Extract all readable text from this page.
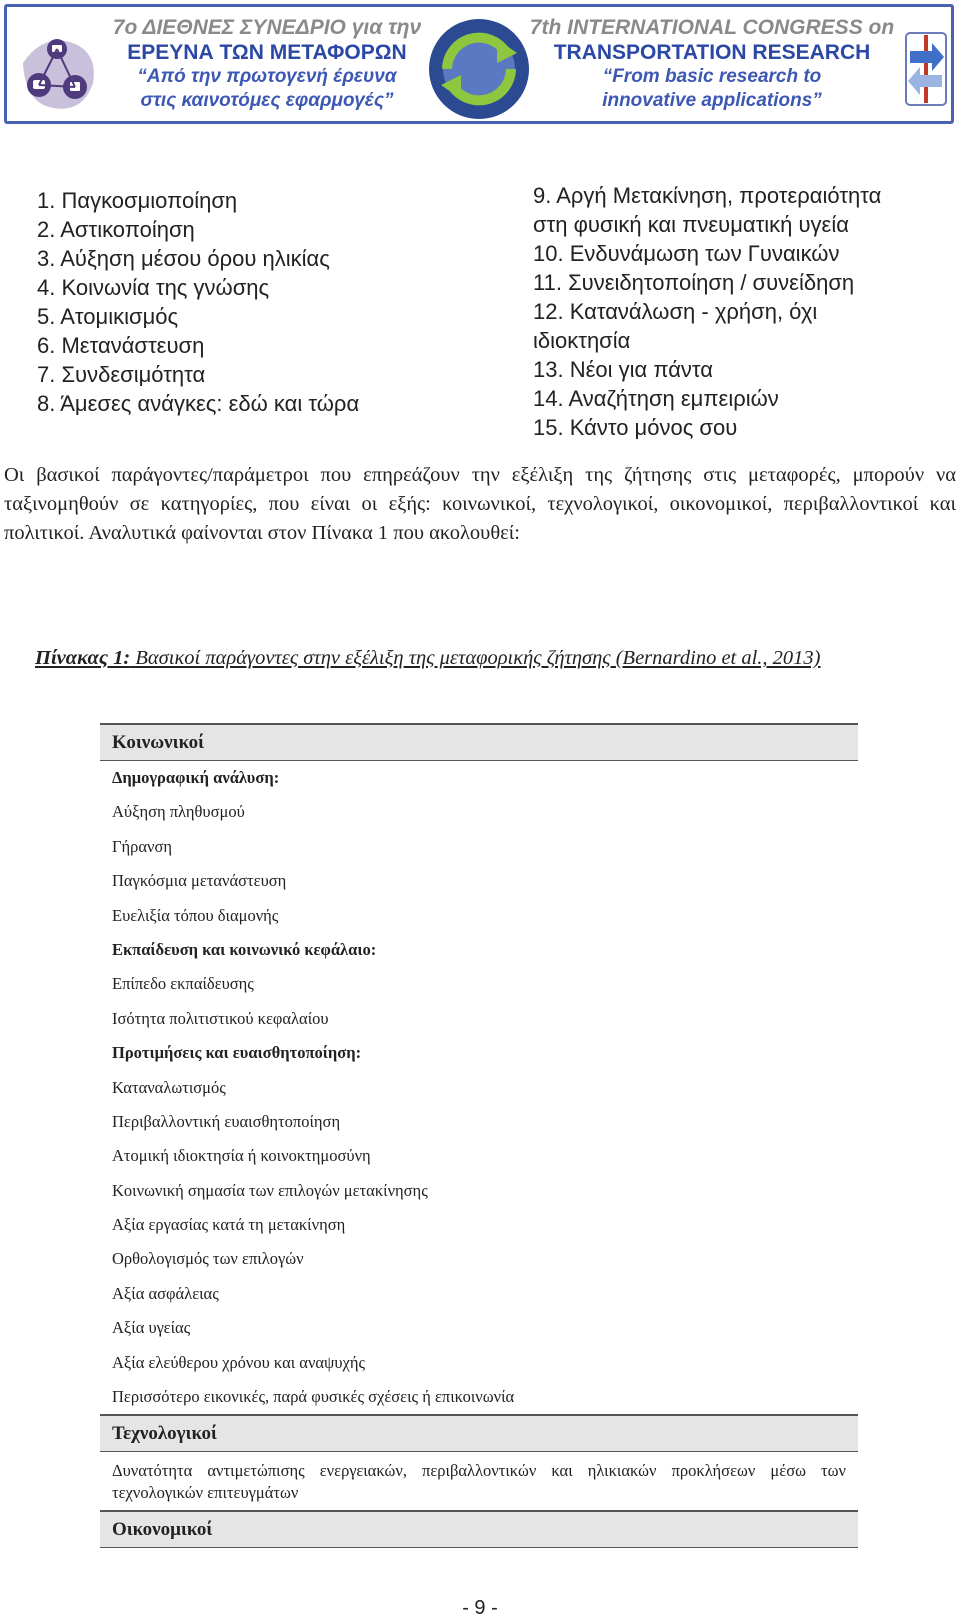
7ο ΔΙΕΘΝΕΣ ΣΥΝΕΔΡΙΟ για την
ΕΡΕΥΝΑ ΤΩΝ ΜΕΤΑΦΟΡΩΝ
“Από την πρωτογενή έρευνα
στις καινοτόμες εφαρμογές”
7th INTERNATIONAL CONGRESS on
TRANSPORTATION RESEARCH
“From basic research to
innovative applications”
1. Παγκοσμιοποίηση
2. Αστικοποίηση
3. Αύξηση μέσου όρου ηλικίας
4. Κοινωνία της γνώσης
5. Ατομικισμός
6. Μετανάστευση
7. Συνδεσιμότητα
8. Άμεσες ανάγκες: εδώ και τώρα
9. Αργή Μετακίνηση, προτεραιότητα
στη φυσική και πνευματική υγεία
10. Ενδυνάμωση των Γυναικών
11. Συνειδητοποίηση / συνείδηση
12. Κατανάλωση - χρήση, όχι
ιδιοκτησία
13. Νέοι για πάντα
14. Αναζήτηση εμπειριών
15. Κάντο μόνος σου

Οι βασικοί παράγοντες/παράμετροι που επηρεάζουν την εξέλιξη της ζήτησης στις μεταφορές, μπορούν να ταξινομηθούν σε κατηγορίες, που είναι οι εξής: κοινωνικοί, τεχνολογικοί, οικονομικοί, περιβαλλοντικοί και πολιτικοί. Αναλυτικά φαίνονται στον Πίνακα 1 που ακολουθεί:

Πίνακας 1: Βασικοί παράγοντες στην εξέλιξη της μεταφορικής ζήτησης (Bernardino et al., 2013)

Κοινωνικοί
Δημογραφική ανάλυση:
Αύξηση πληθυσμού
Γήρανση
Παγκόσμια μετανάστευση
Ευελιξία τόπου διαμονής
Εκπαίδευση και κοινωνικό κεφάλαιο:
Επίπεδο εκπαίδευσης
Ισότητα πολιτιστικού κεφαλαίου
Προτιμήσεις και ευαισθητοποίηση:
Καταναλωτισμός
Περιβαλλοντική ευαισθητοποίηση
Ατομική ιδιοκτησία ή κοινοκτημοσύνη
Κοινωνική σημασία των επιλογών μετακίνησης
Αξία εργασίας κατά τη μετακίνηση
Ορθολογισμός των επιλογών
Αξία ασφάλειας
Αξία υγείας
Αξία ελεύθερου χρόνου και αναψυχής
Περισσότερο εικονικές, παρά φυσικές σχέσεις ή επικοινωνία
Τεχνολογικοί
Δυνατότητα αντιμετώπισης ενεργειακών, περιβαλλοντικών και ηλικιακών προκλήσεων μέσω των τεχνολογικών επιτευγμάτων
Οικονομικοί
- 9 -
